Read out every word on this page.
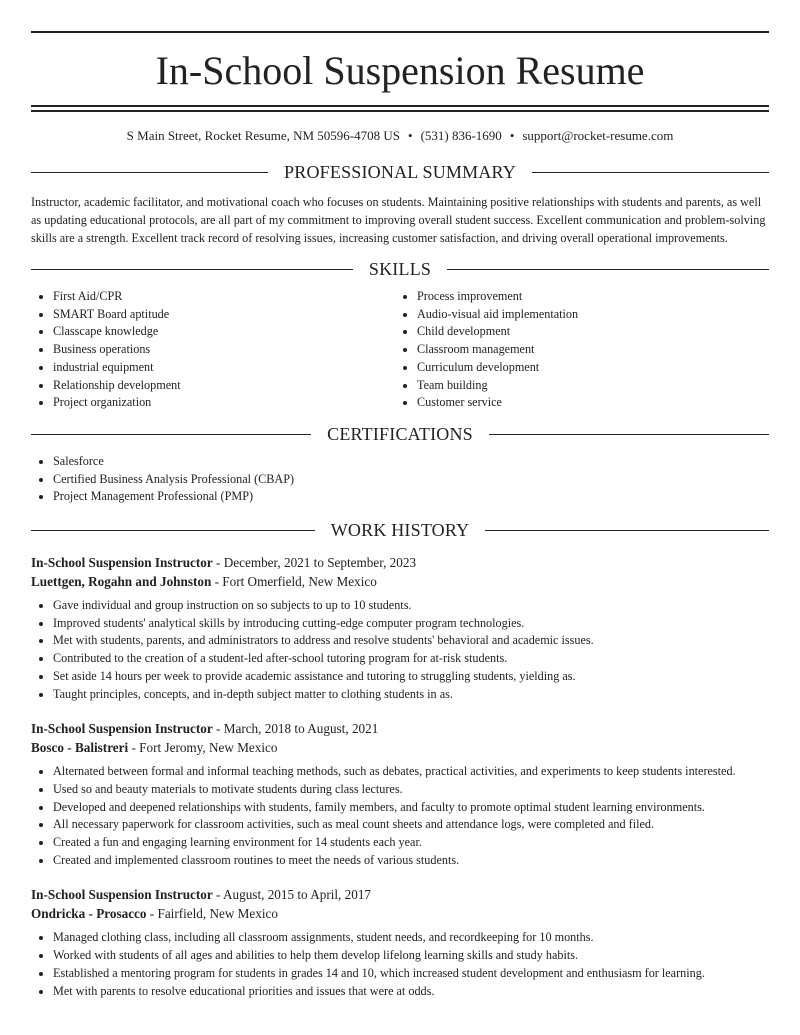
In-School Suspension Resume
S Main Street, Rocket Resume, NM 50596-4708 US • (531) 836-1690 • support@rocket-resume.com
PROFESSIONAL SUMMARY
Instructor, academic facilitator, and motivational coach who focuses on students. Maintaining positive relationships with students and parents, as well as updating educational protocols, are all part of my commitment to improving overall student success. Excellent communication and problem-solving skills are a strength. Excellent track record of resolving issues, increasing customer satisfaction, and driving overall operational improvements.
SKILLS
• First Aid/CPR
• SMART Board aptitude
• Classcape knowledge
• Business operations
• industrial equipment
• Relationship development
• Project organization
• Process improvement
• Audio-visual aid implementation
• Child development
• Classroom management
• Curriculum development
• Team building
• Customer service
CERTIFICATIONS
• Salesforce
• Certified Business Analysis Professional (CBAP)
• Project Management Professional (PMP)
WORK HISTORY
In-School Suspension Instructor - December, 2021 to September, 2023
Luettgen, Rogahn and Johnston - Fort Omerfield, New Mexico
• Gave individual and group instruction on so subjects to up to 10 students.
• Improved students' analytical skills by introducing cutting-edge computer program technologies.
• Met with students, parents, and administrators to address and resolve students' behavioral and academic issues.
• Contributed to the creation of a student-led after-school tutoring program for at-risk students.
• Set aside 14 hours per week to provide academic assistance and tutoring to struggling students, yielding as.
• Taught principles, concepts, and in-depth subject matter to clothing students in as.
In-School Suspension Instructor - March, 2018 to August, 2021
Bosco - Balistreri - Fort Jeromy, New Mexico
• Alternated between formal and informal teaching methods, such as debates, practical activities, and experiments to keep students interested.
• Used so and beauty materials to motivate students during class lectures.
• Developed and deepened relationships with students, family members, and faculty to promote optimal student learning environments.
• All necessary paperwork for classroom activities, such as meal count sheets and attendance logs, were completed and filed.
• Created a fun and engaging learning environment for 14 students each year.
• Created and implemented classroom routines to meet the needs of various students.
In-School Suspension Instructor - August, 2015 to April, 2017
Ondricka - Prosacco - Fairfield, New Mexico
• Managed clothing class, including all classroom assignments, student needs, and recordkeeping for 10 months.
• Worked with students of all ages and abilities to help them develop lifelong learning skills and study habits.
• Established a mentoring program for students in grades 14 and 10, which increased student development and enthusiasm for learning.
• Met with parents to resolve educational priorities and issues that were at odds.
